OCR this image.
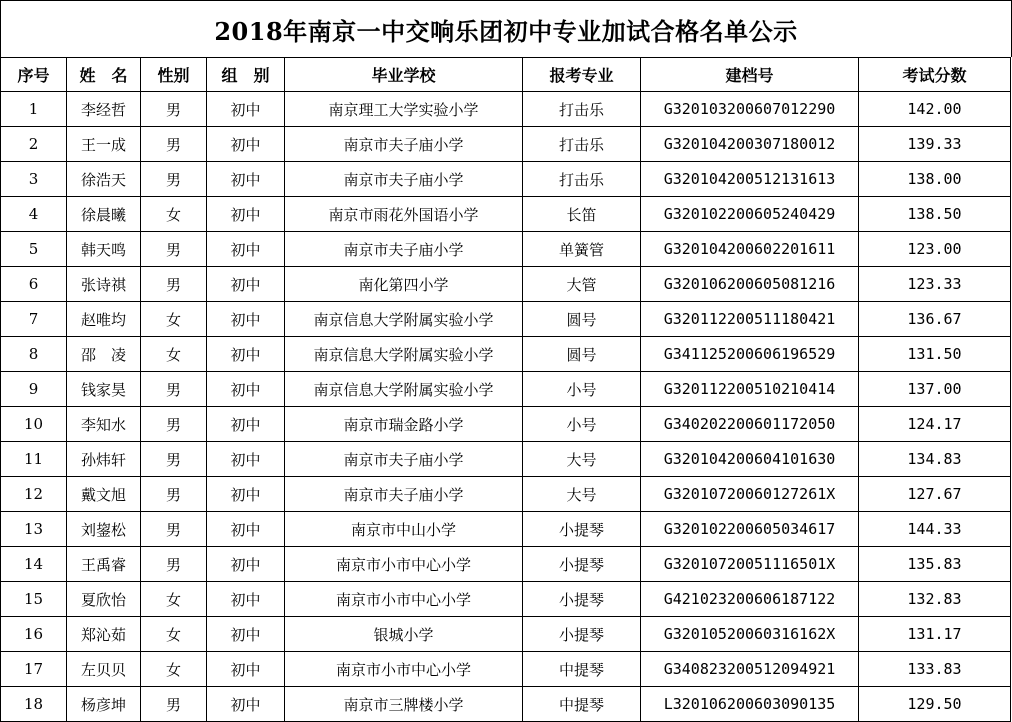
2018年南京一中交响乐团初中专业加试合格名单公示
序号	姓　名	性别	组　别	毕业学校	报考专业	建档号	考试分数
1	李经哲	男	初中	南京理工大学实验小学	打击乐	G320103200607012290	142.00
2	王一成	男	初中	南京市夫子庙小学	打击乐	G320104200307180012	139.33
3	徐浩天	男	初中	南京市夫子庙小学	打击乐	G320104200512131613	138.00
4	徐晨曦	女	初中	南京市雨花外国语小学	长笛	G320102200605240429	138.50
5	韩天鸣	男	初中	南京市夫子庙小学	单簧管	G320104200602201611	123.00
6	张诗祺	男	初中	南化第四小学	大管	G320106200605081216	123.33
7	赵唯均	女	初中	南京信息大学附属实验小学	圆号	G320112200511180421	136.67
8	邵　凌	女	初中	南京信息大学附属实验小学	圆号	G341125200606196529	131.50
9	钱家昊	男	初中	南京信息大学附属实验小学	小号	G320112200510210414	137.00
10	李知水	男	初中	南京市瑞金路小学	小号	G340202200601172050	124.17
11	孙炜轩	男	初中	南京市夫子庙小学	大号	G320104200604101630	134.83
12	戴文旭	男	初中	南京市夫子庙小学	大号	G32010720060127261X	127.67
13	刘鋆松	男	初中	南京市中山小学	小提琴	G320102200605034617	144.33
14	王禹睿	男	初中	南京市小市中心小学	小提琴	G32010720051116501X	135.83
15	夏欣怡	女	初中	南京市小市中心小学	小提琴	G421023200606187122	132.83
16	郑沁茹	女	初中	银城小学	小提琴	G32010520060316162X	131.17
17	左贝贝	女	初中	南京市小市中心小学	中提琴	G340823200512094921	133.83
18	杨彦坤	男	初中	南京市三牌楼小学	中提琴	L320106200603090135	129.50
